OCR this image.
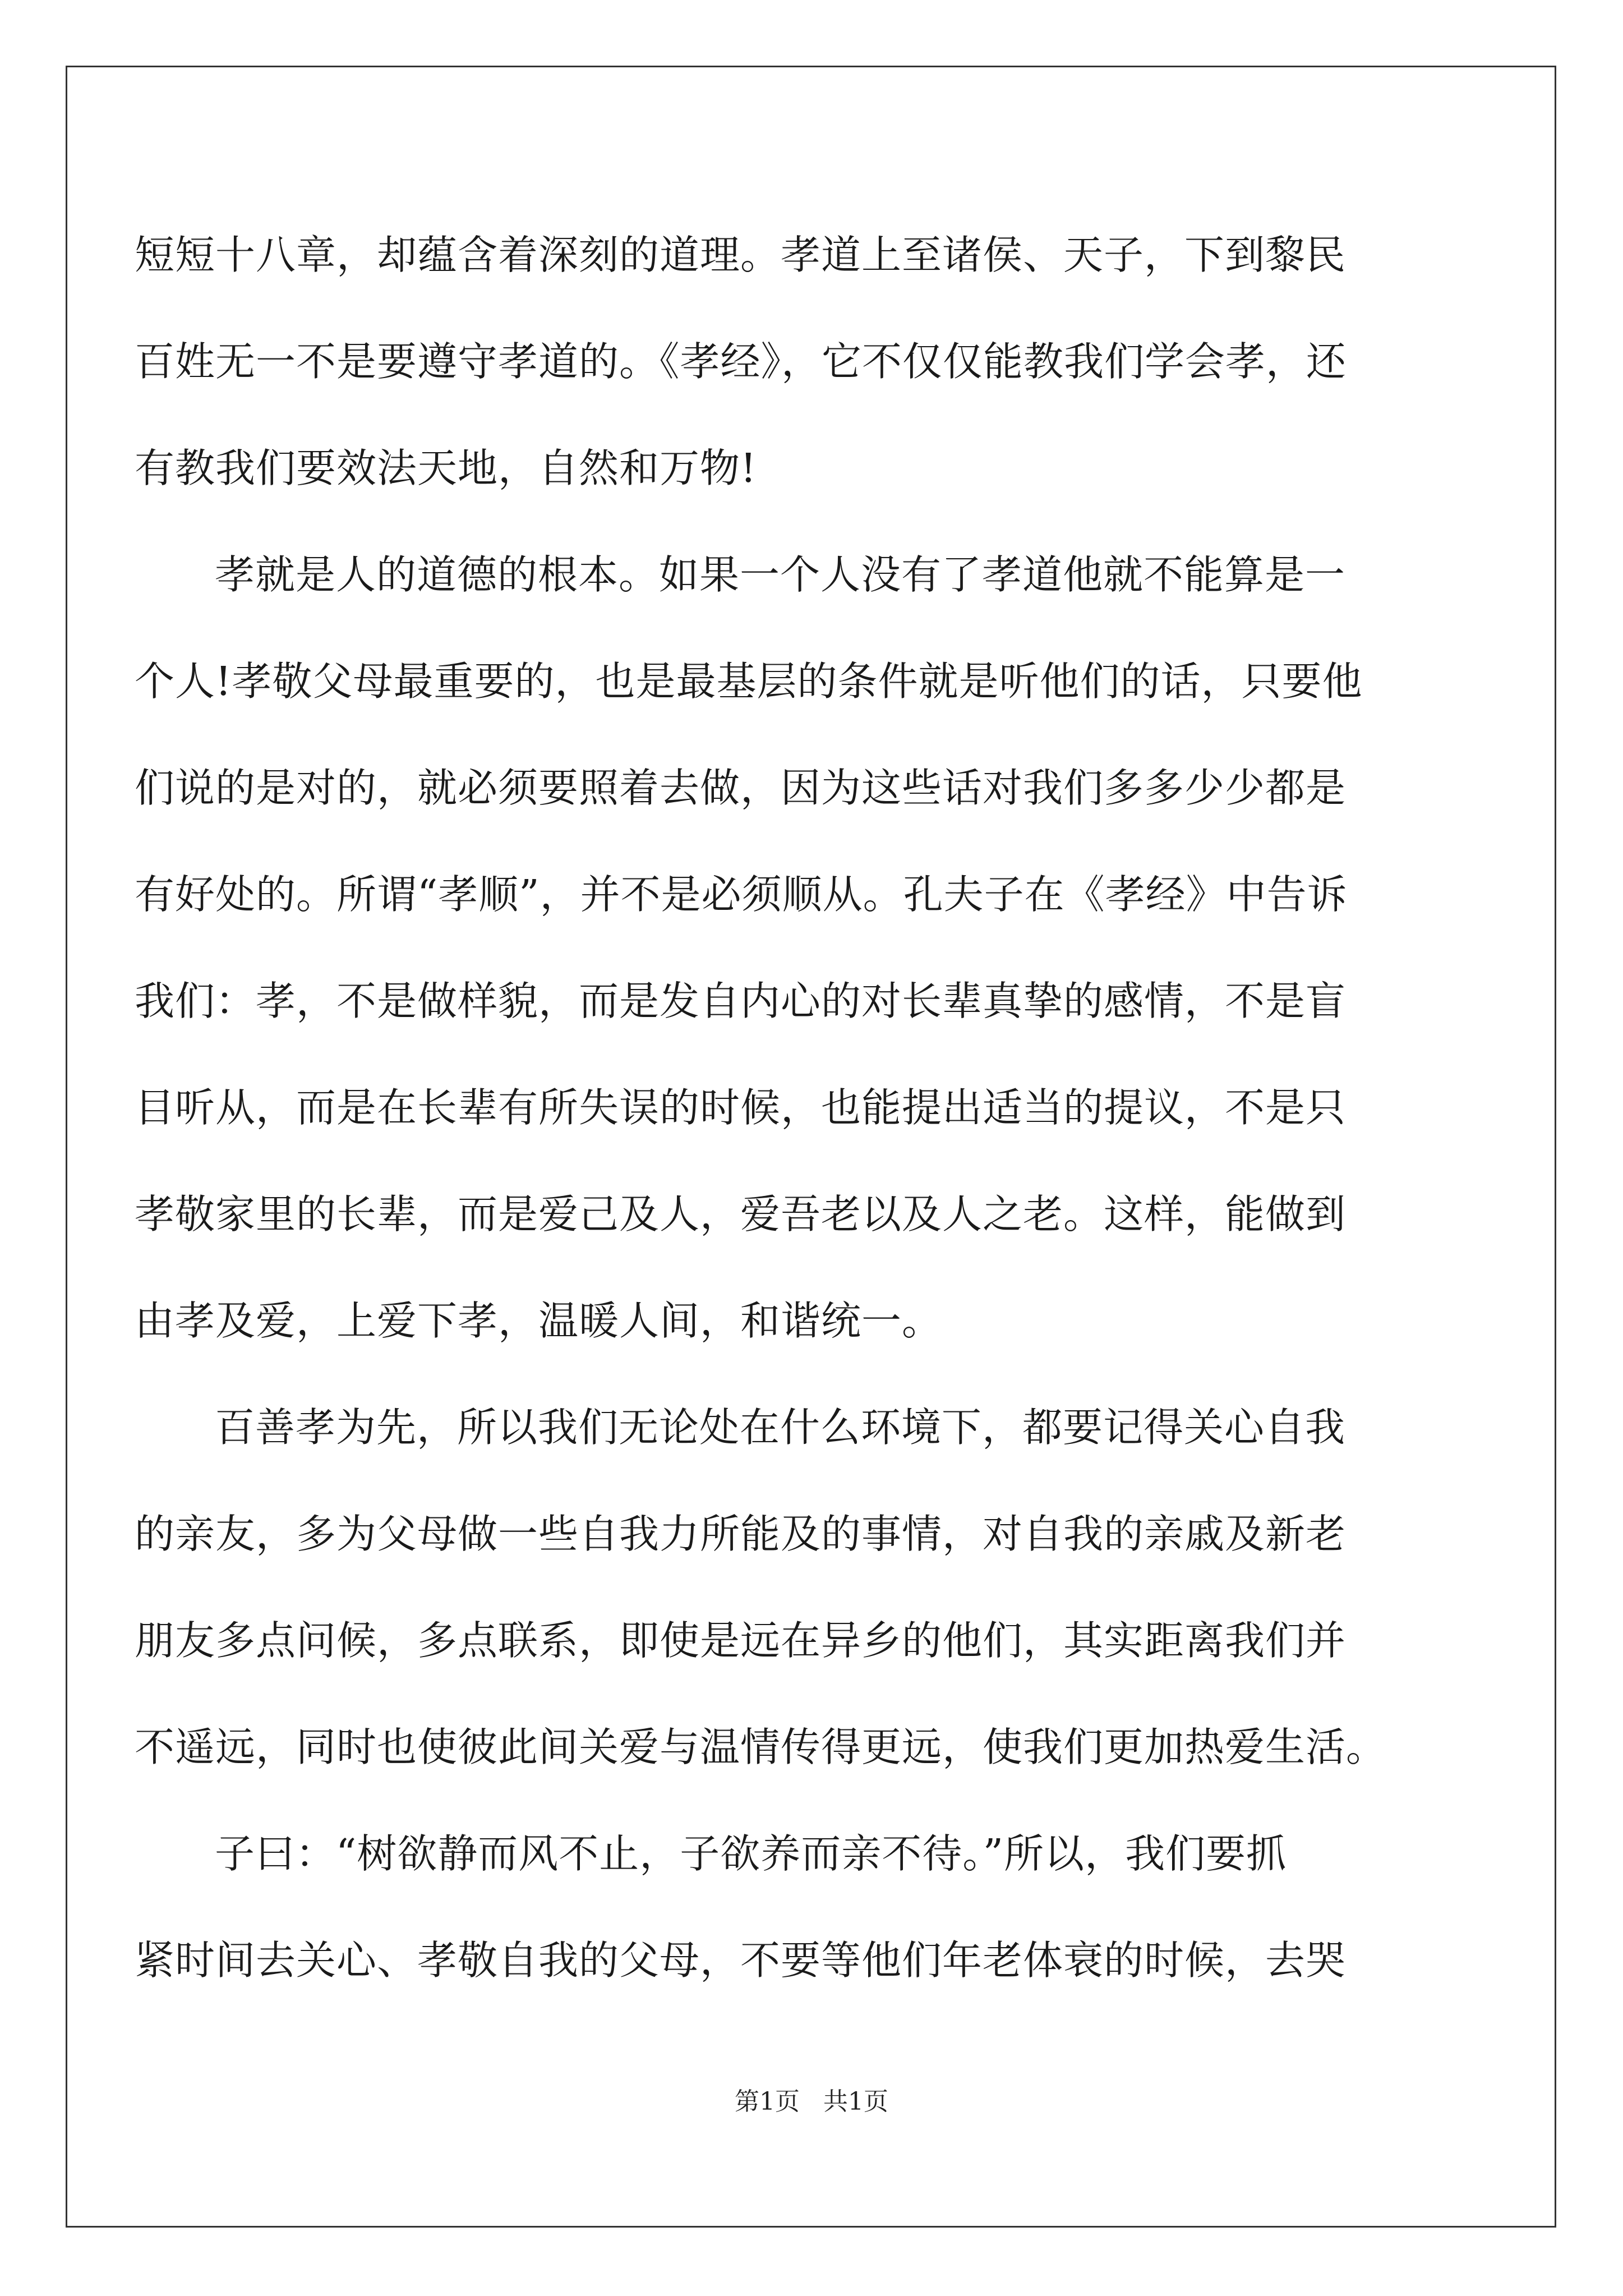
短短十八章，却蕴含着深刻的道理。孝道上至诸侯、天子，下到黎民
百姓无一不是要遵守孝道的。《孝经》，它不仅仅能教我们学会孝，还
有教我们要效法天地，自然和万物!
孝就是人的道德的根本。如果一个人没有了孝道他就不能算是一
个人!孝敬父母最重要的，也是最基层的条件就是听他们的话，只要他
们说的是对的，就必须要照着去做，因为这些话对我们多多少少都是
有好处的。所谓“孝顺”，并不是必须顺从。孔夫子在《孝经》中告诉
我们：孝，不是做样貌，而是发自内心的对长辈真挚的感情，不是盲
目听从，而是在长辈有所失误的时候，也能提出适当的提议，不是只
孝敬家里的长辈，而是爱己及人，爱吾老以及人之老。这样，能做到
由孝及爱，上爱下孝，温暖人间，和谐统一。
百善孝为先，所以我们无论处在什么环境下，都要记得关心自我
的亲友，多为父母做一些自我力所能及的事情，对自我的亲戚及新老
朋友多点问候，多点联系，即使是远在异乡的他们，其实距离我们并
不遥远，同时也使彼此间关爱与温情传得更远，使我们更加热爱生活。
子曰：“树欲静而风不止，子欲养而亲不待。”所以，我们要抓
紧时间去关心、孝敬自我的父母，不要等他们年老体衰的时候，去哭
第1页 共1页
